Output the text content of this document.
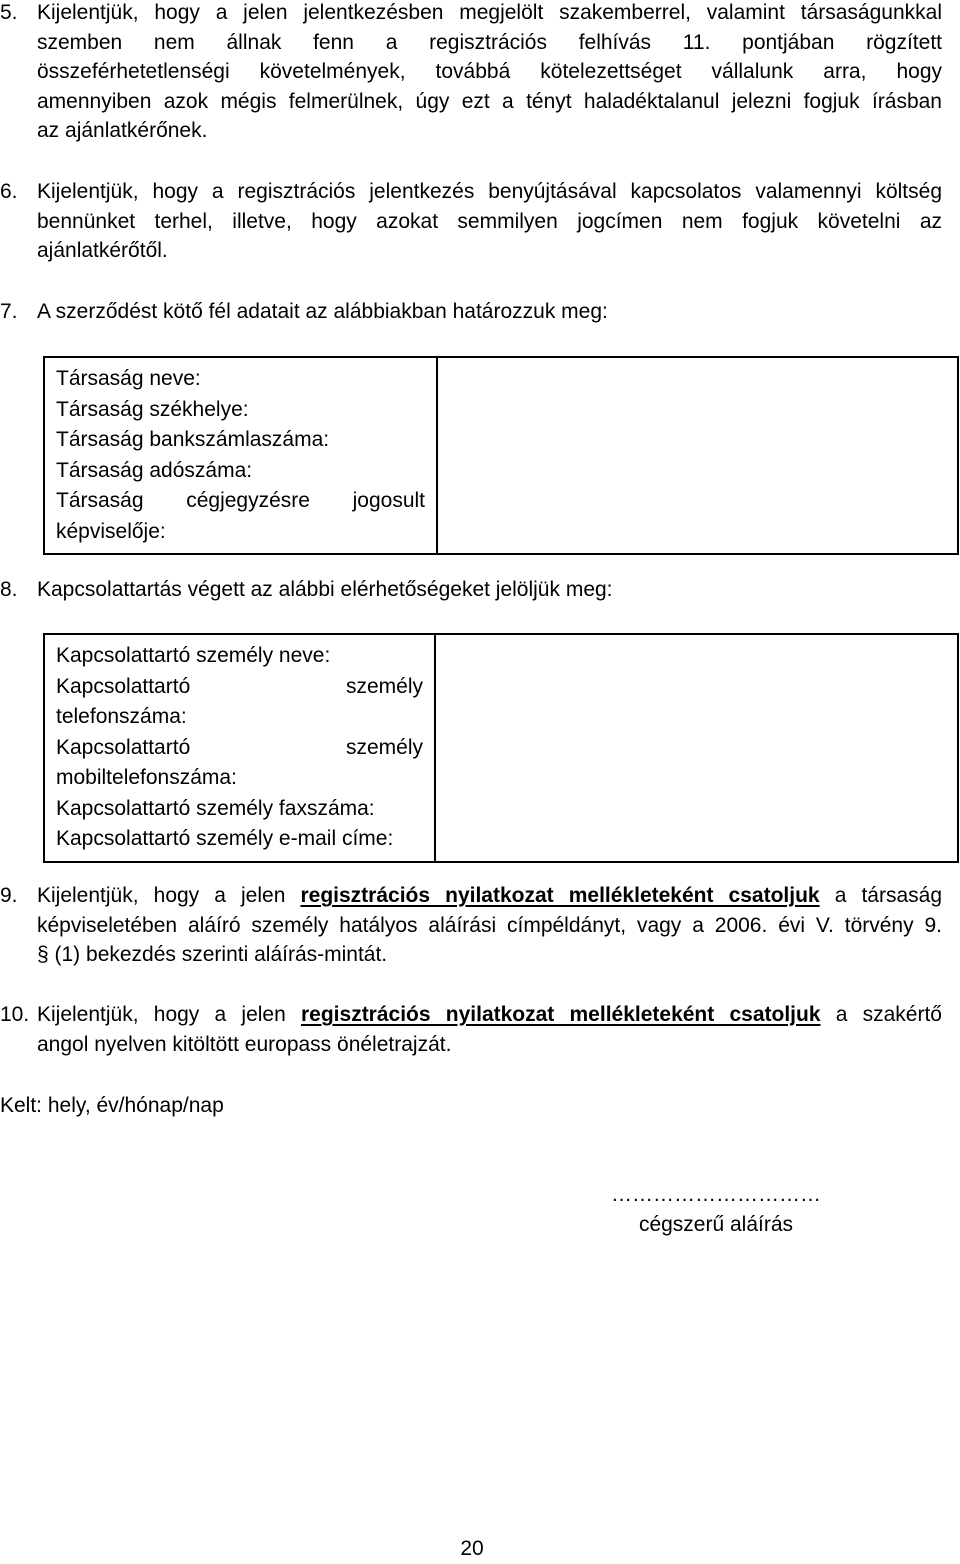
5. Kijelentjük, hogy a jelen jelentkezésben megjelölt szakemberrel, valamint társaságunkkal
szemben nem állnak fenn a regisztrációs felhívás 11. pontjában rögzített
összeférhetetlenségi követelmények, továbbá kötelezettséget vállalunk arra, hogy
amennyiben azok mégis felmerülnek, úgy ezt a tényt haladéktalanul jelezni fogjuk írásban
az ajánlatkérőnek.
6. Kijelentjük, hogy a regisztrációs jelentkezés benyújtásával kapcsolatos valamennyi költség
bennünket terhel, illetve, hogy azokat semmilyen jogcímen nem fogjuk követelni az
ajánlatkérőtől.
7. A szerződést kötő fél adatait az alábbiakban határozzuk meg:
Társaság neve:
Társaság székhelye:
Társaság bankszámlaszáma:
Társaság adószáma:
Társaság cégjegyzésre jogosult
képviselője:

8. Kapcsolattartás végett az alábbi elérhetőségeket jelöljük meg:
Kapcsolattartó személy neve:
Kapcsolattartó személy
telefonszáma:
Kapcsolattartó személy
mobiltelefonszáma:
Kapcsolattartó személy faxszáma:
Kapcsolattartó személy e-mail címe:

9. Kijelentjük, hogy a jelen regisztrációs nyilatkozat mellékleteként csatoljuk a társaság
képviseletében aláíró személy hatályos aláírási címpéldányt, vagy a 2006. évi V. törvény 9.
§ (1) bekezdés szerinti aláírás-mintát.
10. Kijelentjük, hogy a jelen regisztrációs nyilatkozat mellékleteként csatoljuk a szakértő
angol nyelven kitöltött europass önéletrajzát.
Kelt: hely, év/hónap/nap
…………………………
cégszerű aláírás
20
